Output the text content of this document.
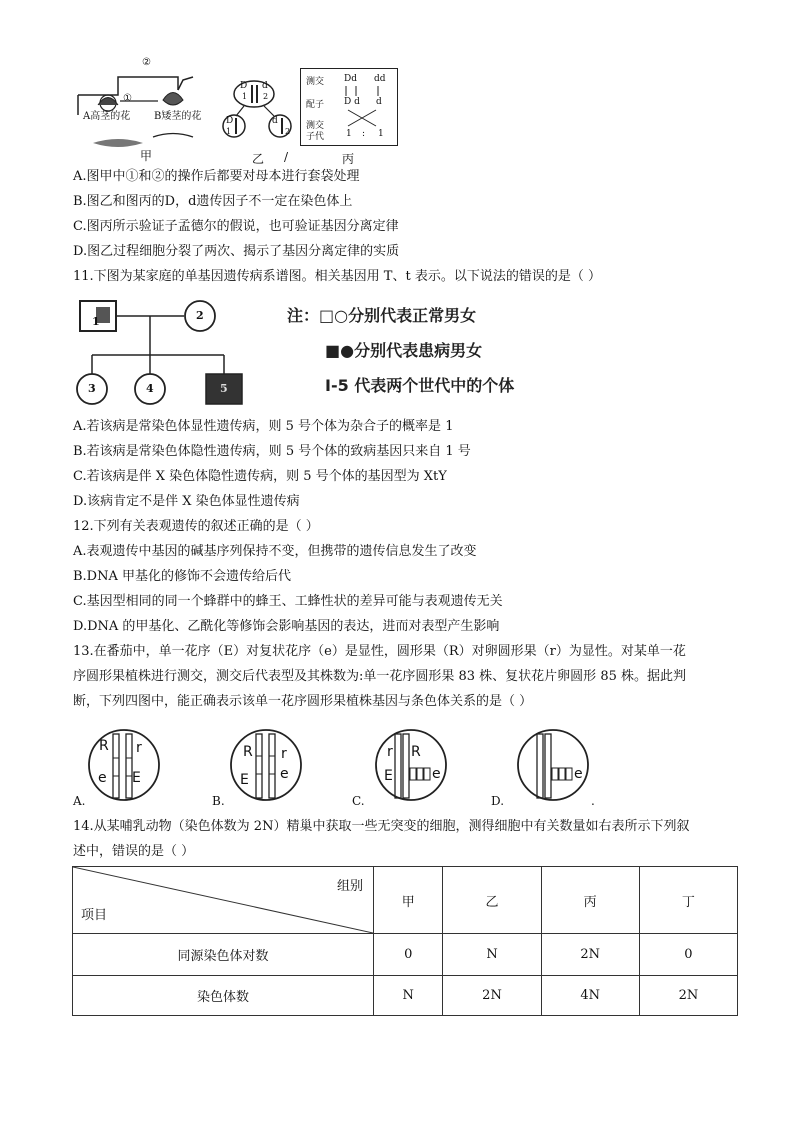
②
①
A高茎的花 B矮茎的花
甲
D d
1 2
D
1
d
2
乙 /
测交 Dd dd
配子 D d d
测交
子代 1 : 1
丙
A.图甲中①和②的操作后都要对母本进行套袋处理
B.图乙和图丙的D，d遗传因子不一定在染色体上
C.图丙所示验证子孟德尔的假说，也可验证基因分离定律
D.图乙过程细胞分裂了两次、揭示了基因分离定律的实质
11.下图为某家庭的单基因遗传病系谱图。相关基因用 T、t 表示。以下说法的错误的是（ ）
1	2
3	4	5
注：□○分别代表正常男女
■●分别代表患病男女
Ⅰ-5 代表两个世代中的个体
A.若该病是常染色体显性遗传病，则 5 号个体为杂合子的概率是 1
B.若该病是常染色体隐性遗传病，则 5 号个体的致病基因只来自 1 号
C.若该病是伴 X 染色体隐性遗传病，则 5 号个体的基因型为 XtY
D.该病肯定不是伴 X 染色体显性遗传病
12.下列有关表观遗传的叙述正确的是（ ）
A.表观遗传中基因的碱基序列保持不变，但携带的遗传信息发生了改变
B.DNA 甲基化的修饰不会遗传给后代
C.基因型相同的同一个蜂群中的蜂王、工蜂性状的差异可能与表观遗传无关
D.DNA 的甲基化、乙酰化等修饰会影响基因的表达，进而对表型产生影响
13.在番茄中，单一花序（E）对复状花序（e）是显性，圆形果（R）对卵圆形果（r）为显性。对某单一花
序圆形果植株进行测交，测交后代表型及其株数为:单一花序圆形果 83 株、复状花片卵圆形 85 株。据此判
断，下列四图中，能正确表示该单一花序圆形果植株基因与条色体关系的是（ ）
R r
e E
A.
R r
E e
B.
r R
E	e
C.
e
D.	.
14.从某哺乳动物（染色体数为 2N）精巢中获取一些无突变的细胞，测得细胞中有关数量如右表所示下列叙
述中，错误的是（ ）
组别
项目	甲	乙	丙	丁
同源染色体对数	0	N	2N	0
染色体数	N	2N	4N	2N
